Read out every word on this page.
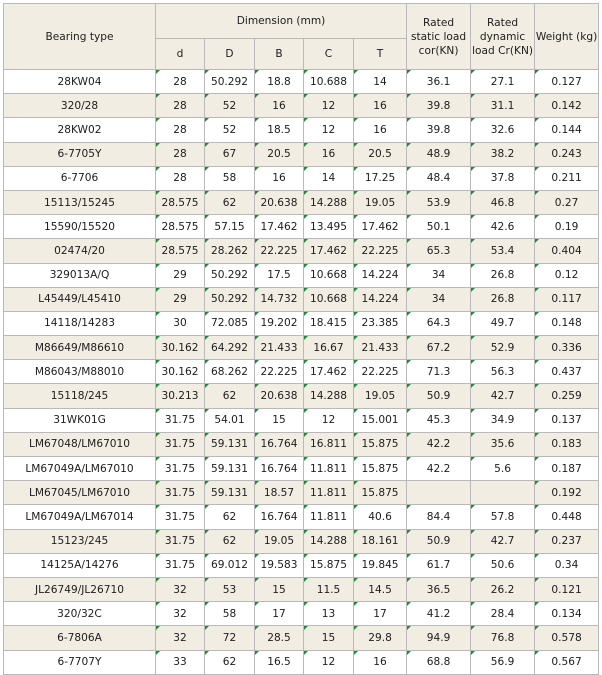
Bearing type	Dimension (mm)					Rated static load cor(KN)	Rated dynamic load Cr(KN)	Weight (kg)
	d	D	B	C	T			
28KW04	28	50.292	18.8	10.688	14	36.1	27.1	0.127
320/28	28	52	16	12	16	39.8	31.1	0.142
28KW02	28	52	18.5	12	16	39.8	32.6	0.144
6-7705Y	28	67	20.5	16	20.5	48.9	38.2	0.243
6-7706	28	58	16	14	17.25	48.4	37.8	0.211
15113/15245	28.575	62	20.638	14.288	19.05	53.9	46.8	0.27
15590/15520	28.575	57.15	17.462	13.495	17.462	50.1	42.6	0.19
02474/20	28.575	28.262	22.225	17.462	22.225	65.3	53.4	0.404
329013A/Q	29	50.292	17.5	10.668	14.224	34	26.8	0.12
L45449/L45410	29	50.292	14.732	10.668	14.224	34	26.8	0.117
14118/14283	30	72.085	19.202	18.415	23.385	64.3	49.7	0.148
M86649/M86610	30.162	64.292	21.433	16.67	21.433	67.2	52.9	0.336
M86043/M88010	30.162	68.262	22.225	17.462	22.225	71.3	56.3	0.437
15118/245	30.213	62	20.638	14.288	19.05	50.9	42.7	0.259
31WK01G	31.75	54.01	15	12	15.001	45.3	34.9	0.137
LM67048/LM67010	31.75	59.131	16.764	16.811	15.875	42.2	35.6	0.183
LM67049A/LM67010	31.75	59.131	16.764	11.811	15.875	42.2	5.6	0.187
LM67045/LM67010	31.75	59.131	18.57	11.811	15.875			0.192
LM67049A/LM67014	31.75	62	16.764	11.811	40.6	84.4	57.8	0.448
15123/245	31.75	62	19.05	14.288	18.161	50.9	42.7	0.237
14125A/14276	31.75	69.012	19.583	15.875	19.845	61.7	50.6	0.34
JL26749/JL26710	32	53	15	11.5	14.5	36.5	26.2	0.121
320/32C	32	58	17	13	17	41.2	28.4	0.134
6-7806A	32	72	28.5	15	29.8	94.9	76.8	0.578
6-7707Y	33	62	16.5	12	16	68.8	56.9	0.567
